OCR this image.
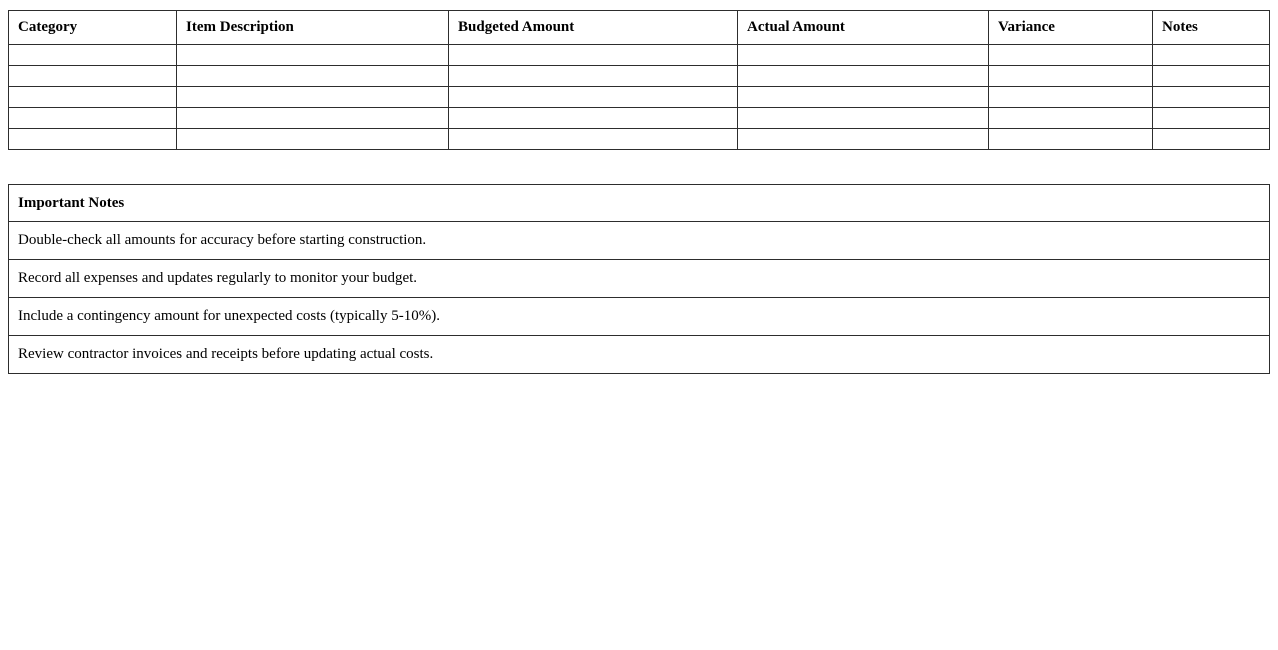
Category	Item Description	Budgeted Amount	Actual Amount	Variance	Notes

Important Notes
Double-check all amounts for accuracy before starting construction.
Record all expenses and updates regularly to monitor your budget.
Include a contingency amount for unexpected costs (typically 5-10%).
Review contractor invoices and receipts before updating actual costs.
